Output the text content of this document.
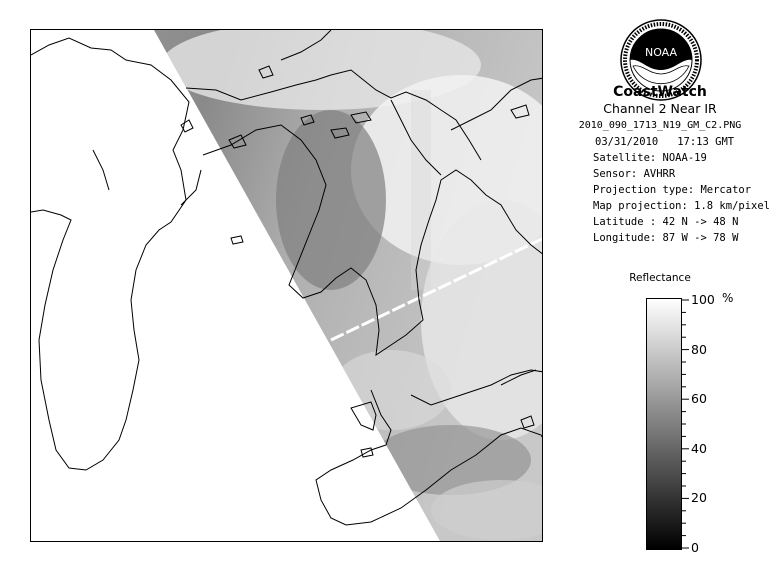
NOAA
CoastWatch
Channel 2 Near IR
2010_090_1713_N19_GM_C2.PNG
03/31/2010 17:13 GMT
Satellite: NOAA-19
Sensor: AVHRR
Projection type: Mercator
Map projection: 1.8 km/pixel
Latitude : 42 N -> 48 N
Longitude: 87 W -> 78 W
Reflectance
%
100
80
60
40
20
0
